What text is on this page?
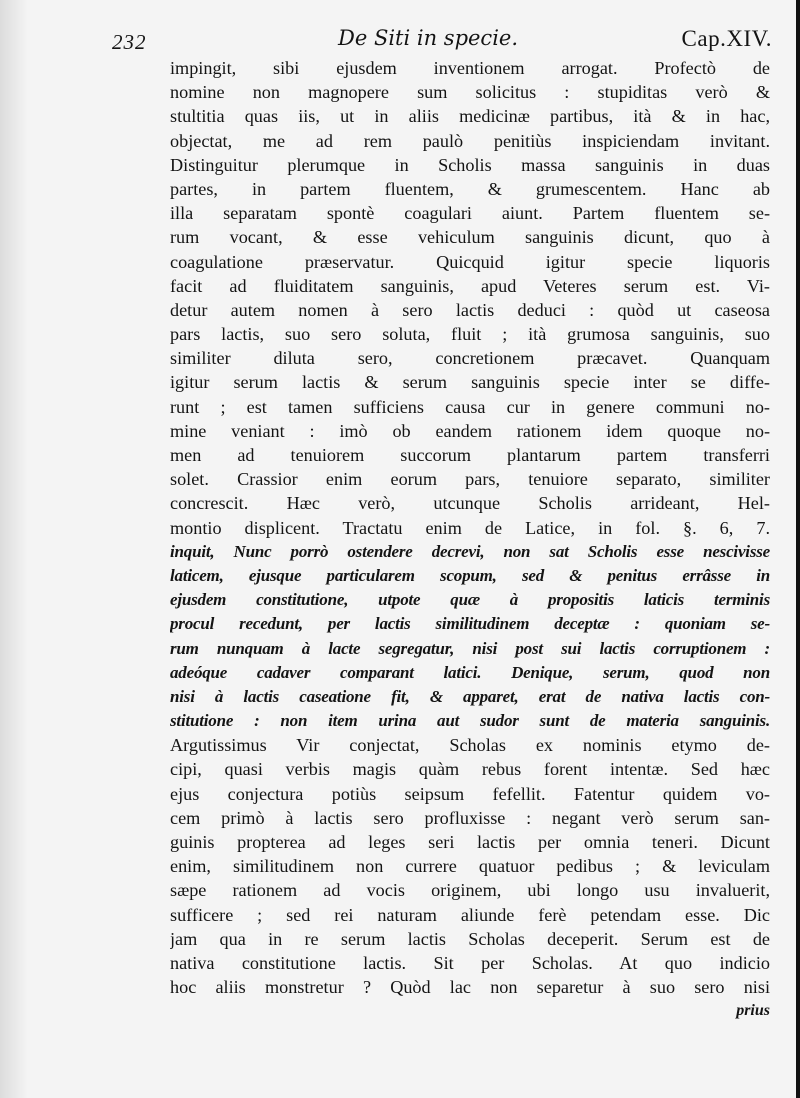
232	De Siti in specie.	Cap.XIV.
impingit, sibi ejusdem inventionem arrogat. Profectò de
nomine non magnopere sum solicitus : stupiditas verò &
stultitia quas iis, ut in aliis medicinæ partibus, ità & in hac,
objectat, me ad rem paulò penitiùs inspiciendam invitant.
Distinguitur plerumque in Scholis massa sanguinis in duas
partes, in partem fluentem, & grumescentem. Hanc ab
illa separatam spontè coagulari aiunt. Partem fluentem se-
rum vocant, & esse vehiculum sanguinis dicunt, quo à
coagulatione præservatur. Quicquid igitur specie liquoris
facit ad fluiditatem sanguinis, apud Veteres serum est. Vi-
detur autem nomen à sero lactis deduci : quòd ut caseosa
pars lactis, suo sero soluta, fluit ; ità grumosa sanguinis, suo
similiter diluta sero, concretionem præcavet. Quanquam
igitur serum lactis & serum sanguinis specie inter se diffe-
runt ; est tamen sufficiens causa cur in genere communi no-
mine veniant : imò ob eandem rationem idem quoque no-
men ad tenuiorem succorum plantarum partem transferri
solet. Crassior enim eorum pars, tenuiore separato, similiter
concrescit. Hæc verò, utcunque Scholis arrideant, Hel-
montio displicent. Tractatu enim de Latice, in fol. §. 6, 7.
inquit, Nunc porrò ostendere decrevi, non sat Scholis esse nescivisse
laticem, ejusque particularem scopum, sed & penitus errâsse in
ejusdem constitutione, utpote quæ à propositis laticis terminis
procul recedunt, per lactis similitudinem deceptæ : quoniam se-
rum nunquam à lacte segregatur, nisi post sui lactis corruptionem :
adeóque cadaver comparant latici. Denique, serum, quod non
nisi à lactis caseatione fit, & apparet, erat de nativa lactis con-
stitutione : non item urina aut sudor sunt de materia sanguinis.
Argutissimus Vir conjectat, Scholas ex nominis etymo de-
cipi, quasi verbis magis quàm rebus forent intentæ. Sed hæc
ejus conjectura potiùs seipsum fefellit. Fatentur quidem vo-
cem primò à lactis sero profluxisse : negant verò serum san-
guinis propterea ad leges seri lactis per omnia teneri. Dicunt
enim, similitudinem non currere quatuor pedibus ; & leviculam
sæpe rationem ad vocis originem, ubi longo usu invaluerit,
sufficere ; sed rei naturam aliunde ferè petendam esse. Dic
jam qua in re serum lactis Scholas deceperit. Serum est de
nativa constitutione lactis. Sit per Scholas. At quo indicio
hoc aliis monstretur ? Quòd lac non separetur à suo sero nisi
prius
